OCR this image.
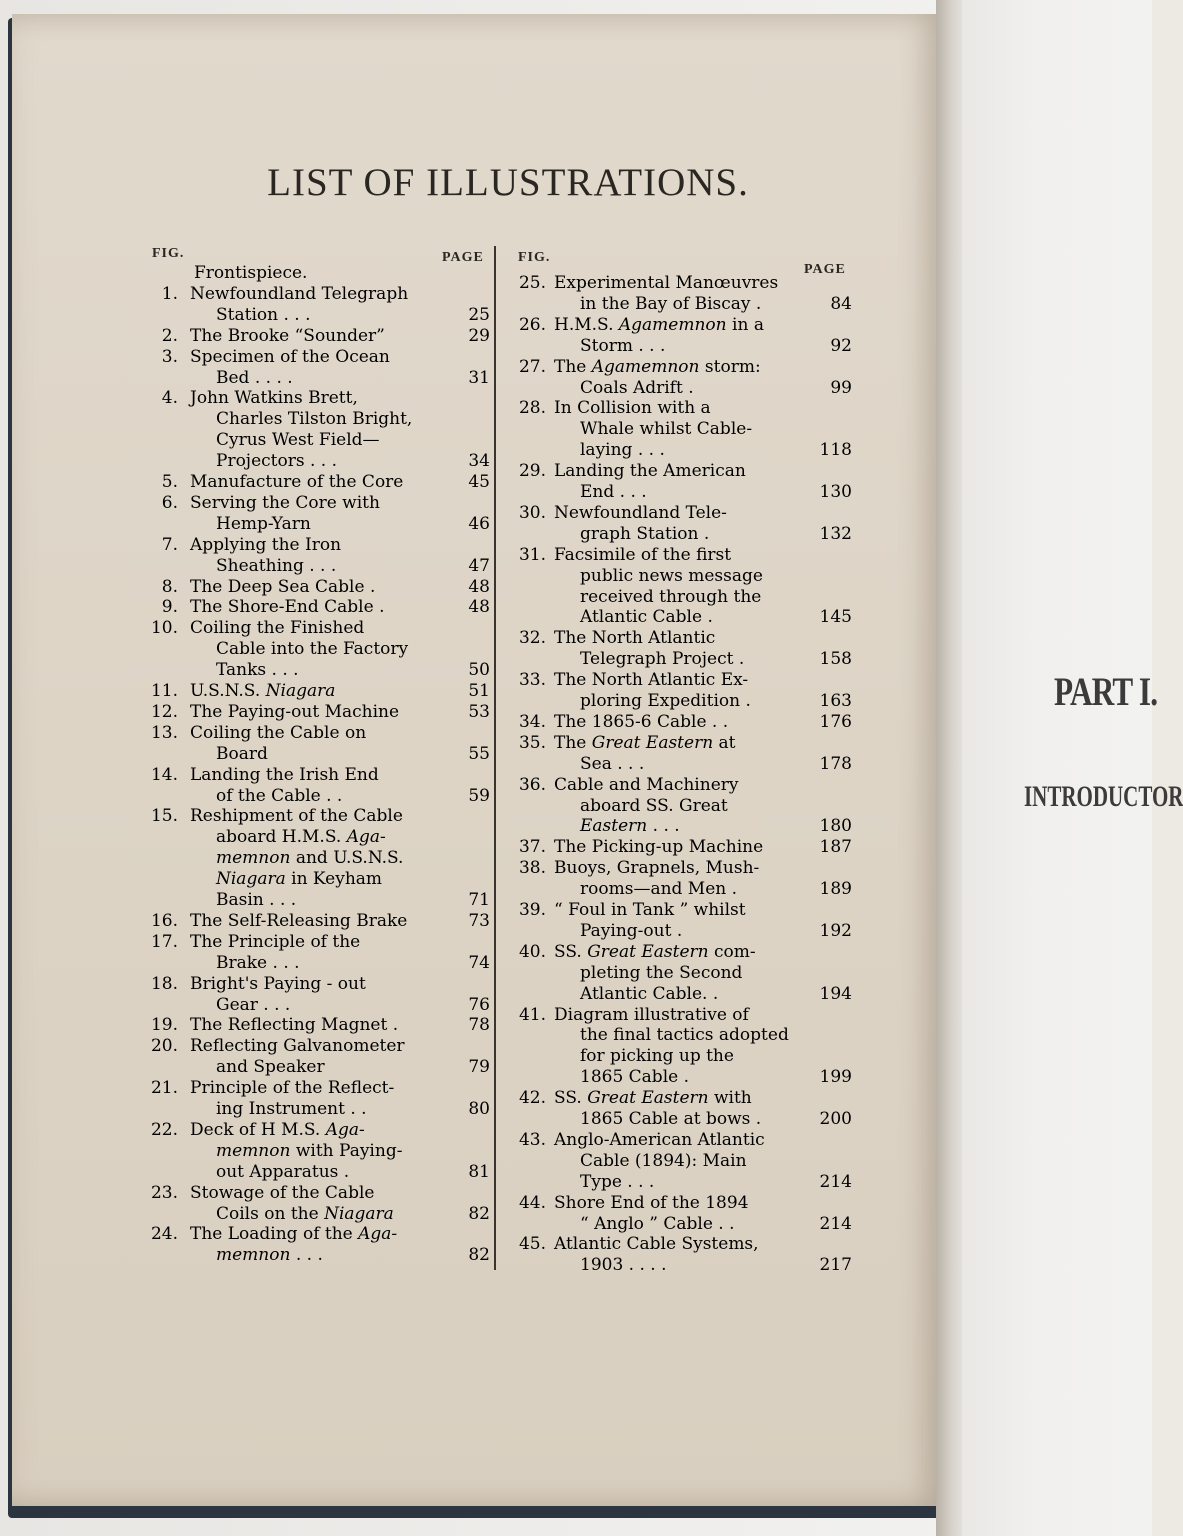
PART I.
INTRODUCTOR
LIST OF ILLUSTRATIONS.
FIG.	PAGE FIG.
PAGE
Frontispiece.
1. Newfoundland Telegraph
Station . . .	25
2. The Brooke “Sounder”	29
3. Specimen of the Ocean
Bed . . . .	31
4. John Watkins Brett,
Charles Tilston Bright,
Cyrus West Field—
Projectors . . .	34
5. Manufacture of the Core	45
6. Serving the Core with
Hemp-Yarn	46
7. Applying the Iron
Sheathing . . .	47
8. The Deep Sea Cable .	48
9. The Shore-End Cable .	48
10. Coiling the Finished
Cable into the Factory
Tanks . . .	50
11. U.S.N.S. Niagara	51
12. The Paying-out Machine	53
13. Coiling the Cable on
Board	55
14. Landing the Irish End
of the Cable . .	59
15. Reshipment of the Cable
aboard H.M.S. Aga-
memnon and U.S.N.S.
Niagara in Keyham
Basin . . .	71
16. The Self-Releasing Brake	73
17. The Principle of the
Brake . . .	74
18. Bright's Paying - out
Gear . . .	76
19. The Reflecting Magnet .	78
20. Reflecting Galvanometer
and Speaker	79
21. Principle of the Reflect-
ing Instrument . .	80
22. Deck of H M.S. Aga-
memnon with Paying-
out Apparatus .	81
23. Stowage of the Cable
Coils on the Niagara	82
24. The Loading of the Aga-
memnon . . .	82
25. Experimental Manœuvres
in the Bay of Biscay .	84
26. H.M.S. Agamemnon in a
Storm . . .	92
27. The Agamemnon storm:
Coals Adrift .	99
28. In Collision with a
Whale whilst Cable-
laying . . .	118
29. Landing the American
End . . .	130
30. Newfoundland Tele-
graph Station .	132
31. Facsimile of the first
public news message
received through the
Atlantic Cable .	145
32. The North Atlantic
Telegraph Project .	158
33. The North Atlantic Ex-
ploring Expedition .	163
34. The 1865-6 Cable . .	176
35. The Great Eastern at
Sea . . .	178
36. Cable and Machinery
aboard SS. Great
Eastern . . .	180
37. The Picking-up Machine	187
38. Buoys, Grapnels, Mush-
rooms—and Men .	189
39. “ Foul in Tank ” whilst
Paying-out .	192
40. SS. Great Eastern com-
pleting the Second
Atlantic Cable. .	194
41. Diagram illustrative of
the final tactics adopted
for picking up the
1865 Cable .	199
42. SS. Great Eastern with
1865 Cable at bows .	200
43. Anglo-American Atlantic
Cable (1894): Main
Type . . .	214
44. Shore End of the 1894
“ Anglo ” Cable . .	214
45. Atlantic Cable Systems,
1903 . . . .	217
